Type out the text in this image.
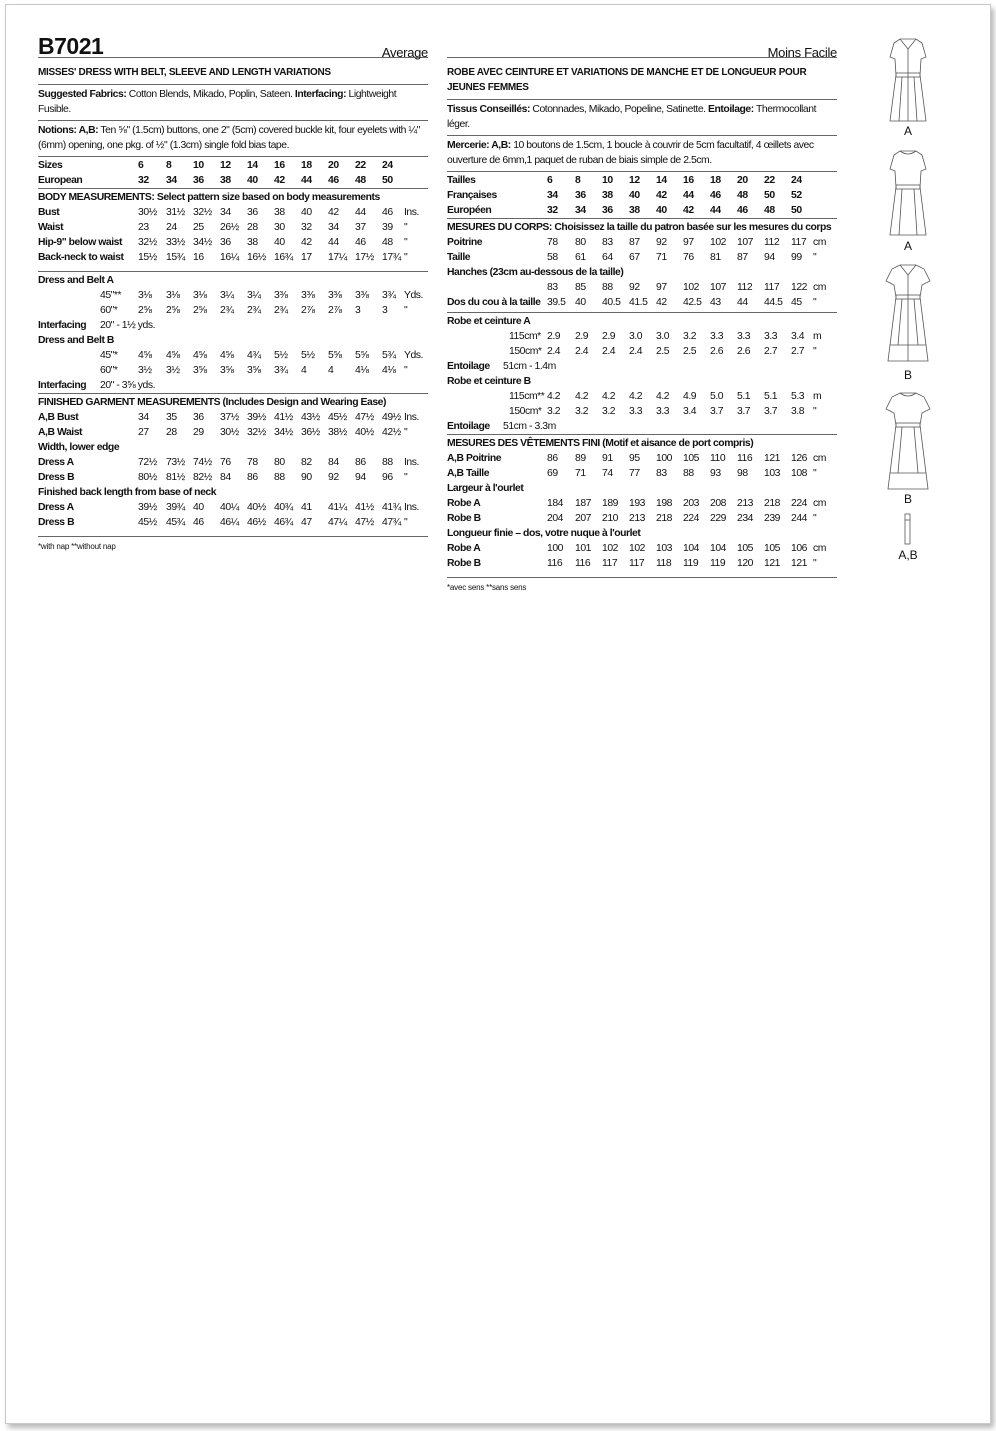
B7021	Average
MISSES' DRESS WITH BELT, SLEEVE AND LENGTH VARIATIONS
Suggested Fabrics: Cotton Blends, Mikado, Poplin, Sateen. Interfacing: Lightweight Fusible.
Notions: A,B: Ten ⅝" (1.5cm) buttons, one 2" (5cm) covered buckle kit, four eyelets with ¼" (6mm) opening, one pkg. of ½" (1.3cm) single fold bias tape.
Sizes	6 8 10 12 14 16 18 20 22 24
European	32 34 36 38 40 42 44 46 48 50
BODY MEASUREMENTS: Select pattern size based on body measurements
Bust	30½ 31½ 32½ 34 36 38 40 42 44 46 Ins.
Waist	23 24 25 26½ 28 30 32 34 37 39 "
Hip-9" below waist 32½ 33½ 34½ 36 38 40 42 44 46 48 "
Back-neck to waist 15½ 15¾ 16 16¼ 16½ 16¾ 17 17¼ 17½ 17¾ "
Dress and Belt A
45"** 3⅛ 3⅛ 3⅛ 3¼ 3¼ 3⅜ 3⅜ 3⅜ 3⅜ 3¾ Yds.
60"* 2⅝ 2⅝ 2⅝ 2¾ 2¾ 2¾ 2⅞ 2⅞ 3 3 "
Interfacing 20" - 1½ yds.
Dress and Belt B
45"* 4⅝ 4⅝ 4⅝ 4⅝ 4¾ 5½ 5½ 5⅝ 5⅝ 5¾ Yds.
60"* 3½ 3½ 3⅝ 3⅝ 3⅝ 3¾ 4 4 4⅛ 4⅛ "
Interfacing 20" - 3⅝ yds.
FINISHED GARMENT MEASUREMENTS (Includes Design and Wearing Ease)
A,B Bust	34 35 36 37½ 39½ 41½ 43½ 45½ 47½ 49½ Ins.
A,B Waist	27 28 29 30½ 32½ 34½ 36½ 38½ 40½ 42½ "
Width, lower edge
Dress A	72½ 73½ 74½ 76 78 80 82 84 86 88 Ins.
Dress B	80½ 81½ 82½ 84 86 88 90 92 94 96 "
Finished back length from base of neck
Dress A	39½ 39¾ 40 40¼ 40½ 40¾ 41 41¼ 41½ 41¾ Ins.
Dress B	45½ 45¾ 46 46¼ 46½ 46¾ 47 47¼ 47½ 47¾ "
*with nap **without nap
Moins Facile
ROBE AVEC CEINTURE ET VARIATIONS DE MANCHE ET DE LONGUEUR POUR JEUNES FEMMES
Tissus Conseillés: Cotonnades, Mikado, Popeline, Satinette. Entoilage: Thermocollant léger.
Mercerie: A,B: 10 boutons de 1.5cm, 1 boucle à couvrir de 5cm facultatif, 4 œillets avec ouverture de 6mm,1 paquet de ruban de biais simple de 2.5cm.
Tailles	6 8 10 12 14 16 18 20 22 24
Françaises	34 36 38 40 42 44 46 48 50 52
Européen	32 34 36 38 40 42 44 46 48 50
MESURES DU CORPS: Choisissez la taille du patron basée sur les mesures du corps
Poitrine	78 80 83 87 92 97 102 107 112 117 cm
Taille	58 61 64 67 71 76 81 87 94 99 "
Hanches (23cm au-dessous de la taille)
83 85 88 92 97 102 107 112 117 122 cm
Dos du cou à la taille 39.5 40 40.5 41.5 42 42.5 43 44 44.5 45 "
Robe et ceinture A
115cm* 2.9 2.9 2.9 3.0 3.0 3.2 3.3 3.3 3.3 3.4 m
150cm* 2.4 2.4 2.4 2.4 2.5 2.5 2.6 2.6 2.7 2.7 "
Entoilage 51cm - 1.4m
Robe et ceinture B
115cm** 4.2 4.2 4.2 4.2 4.2 4.9 5.0 5.1 5.1 5.3 m
150cm* 3.2 3.2 3.2 3.3 3.3 3.4 3.7 3.7 3.7 3.8 "
Entoilage 51cm - 3.3m
MESURES DES VÊTEMENTS FINI (Motif et aisance de port compris)
A,B Poitrine	86 89 91 95 100 105 110 116 121 126 cm
A,B Taille	69 71 74 77 83 88 93 98 103 108 "
Largeur à l'ourlet
Robe A	184 187 189 193 198 203 208 213 218 224 cm
Robe B	204 207 210 213 218 224 229 234 239 244 "
Longueur finie – dos, votre nuque à l'ourlet
Robe A	100 101 102 102 103 104 104 105 105 106 cm
Robe B	116 116 117 117 118 119 119 120 121 121 "
*avec sens **sans sens
A
A
B
B
A,B
